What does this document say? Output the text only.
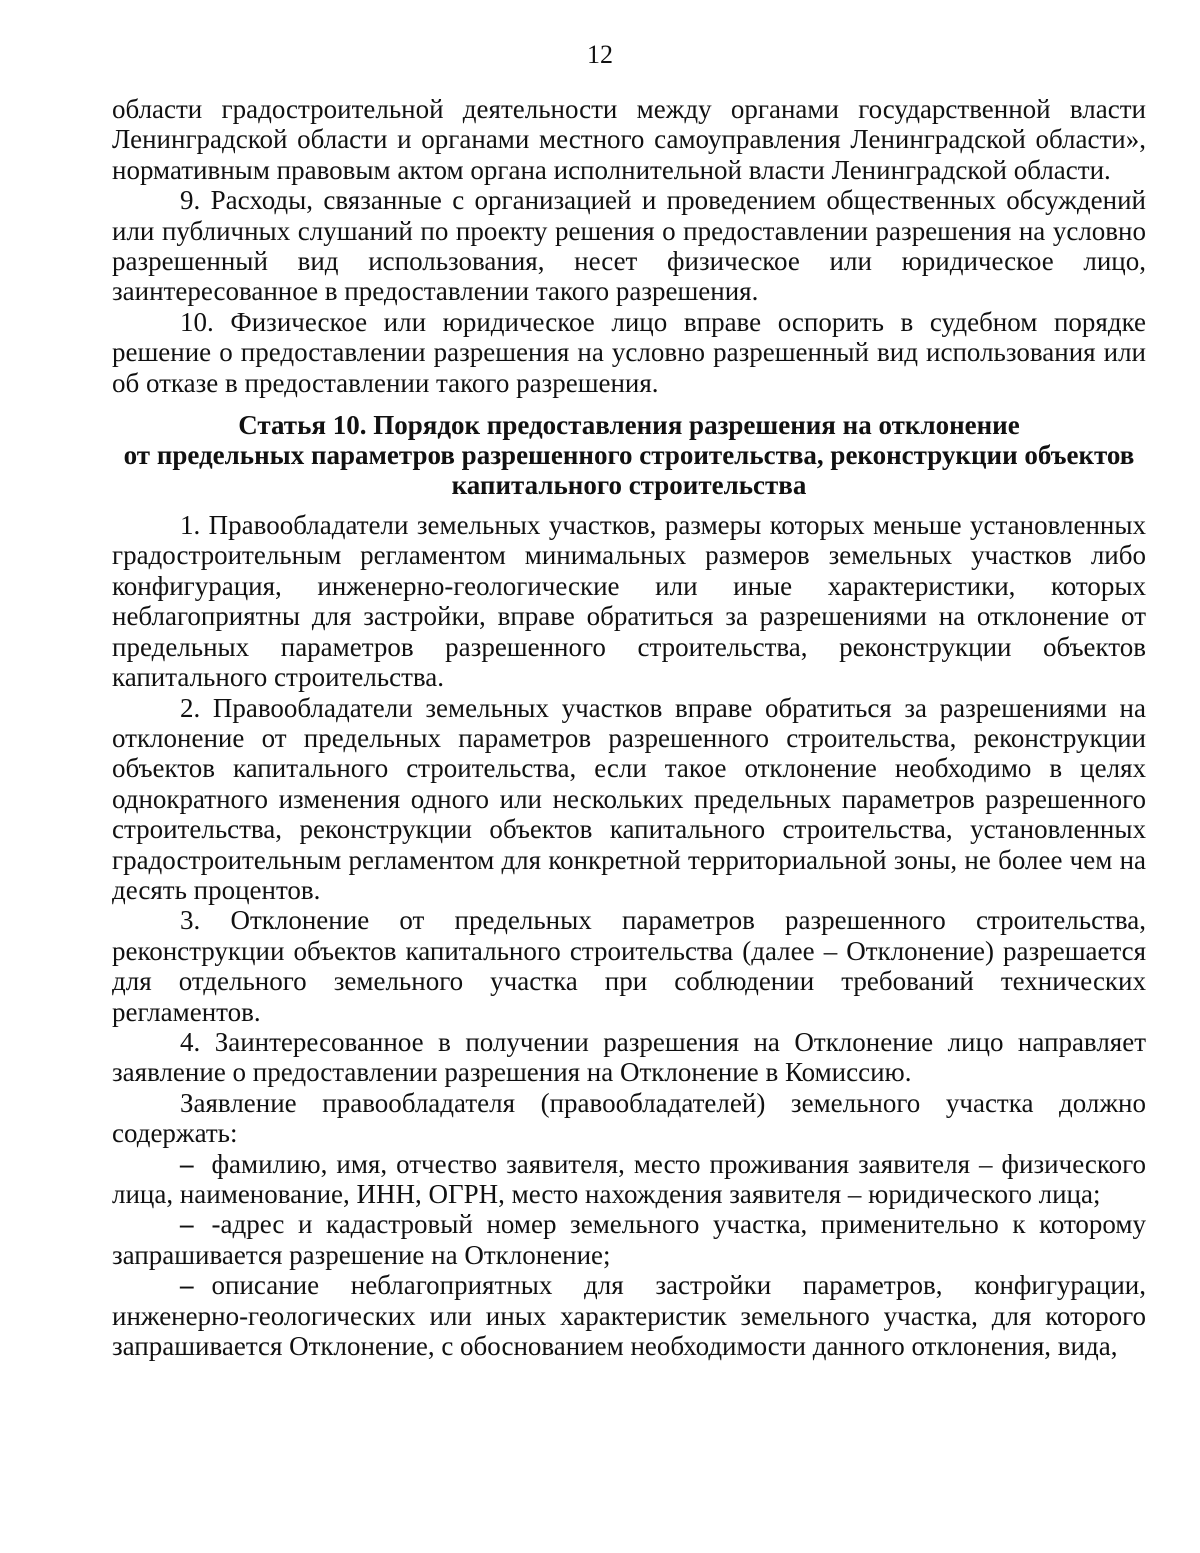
12

области градостроительной деятельности между органами государственной власти Ленинградской области и органами местного самоуправления Ленинградской области», нормативным правовым актом органа исполнительной власти Ленинградской области.

9. Расходы, связанные с организацией и проведением общественных обсуждений или публичных слушаний по проекту решения о предоставлении разрешения на условно разрешенный вид использования, несет физическое или юридическое лицо, заинтересованное в предоставлении такого разрешения.

10. Физическое или юридическое лицо вправе оспорить в судебном порядке решение о предоставлении разрешения на условно разрешенный вид использования или об отказе в предоставлении такого разрешения.

Статья 10. Порядок предоставления разрешения на отклонение
от предельных параметров разрешенного строительства, реконструкции объектов
капитального строительства

1. Правообладатели земельных участков, размеры которых меньше установленных градостроительным регламентом минимальных размеров земельных участков либо конфигурация, инженерно-геологические или иные характеристики, которых неблагоприятны для застройки, вправе обратиться за разрешениями на отклонение от предельных параметров разрешенного строительства, реконструкции объектов капитального строительства.

2. Правообладатели земельных участков вправе обратиться за разрешениями на отклонение от предельных параметров разрешенного строительства, реконструкции объектов капитального строительства, если такое отклонение необходимо в целях однократного изменения одного или нескольких предельных параметров разрешенного строительства, реконструкции объектов капитального строительства, установленных градостроительным регламентом для конкретной территориальной зоны, не более чем на десять процентов.

3. Отклонение от предельных параметров разрешенного строительства, реконструкции объектов капитального строительства (далее – Отклонение) разрешается для отдельного земельного участка при соблюдении требований технических регламентов.

4. Заинтересованное в получении разрешения на Отклонение лицо направляет заявление о предоставлении разрешения на Отклонение в Комиссию.

Заявление правообладателя (правообладателей) земельного участка должно содержать:

– фамилию, имя, отчество заявителя, место проживания заявителя – физического лица, наименование, ИНН, ОГРН, место нахождения заявителя – юридического лица;

– -адрес и кадастровый номер земельного участка, применительно к которому запрашивается разрешение на Отклонение;

– описание неблагоприятных для застройки параметров, конфигурации, инженерно-геологических или иных характеристик земельного участка, для которого запрашивается Отклонение, с обоснованием необходимости данного отклонения, вида,
